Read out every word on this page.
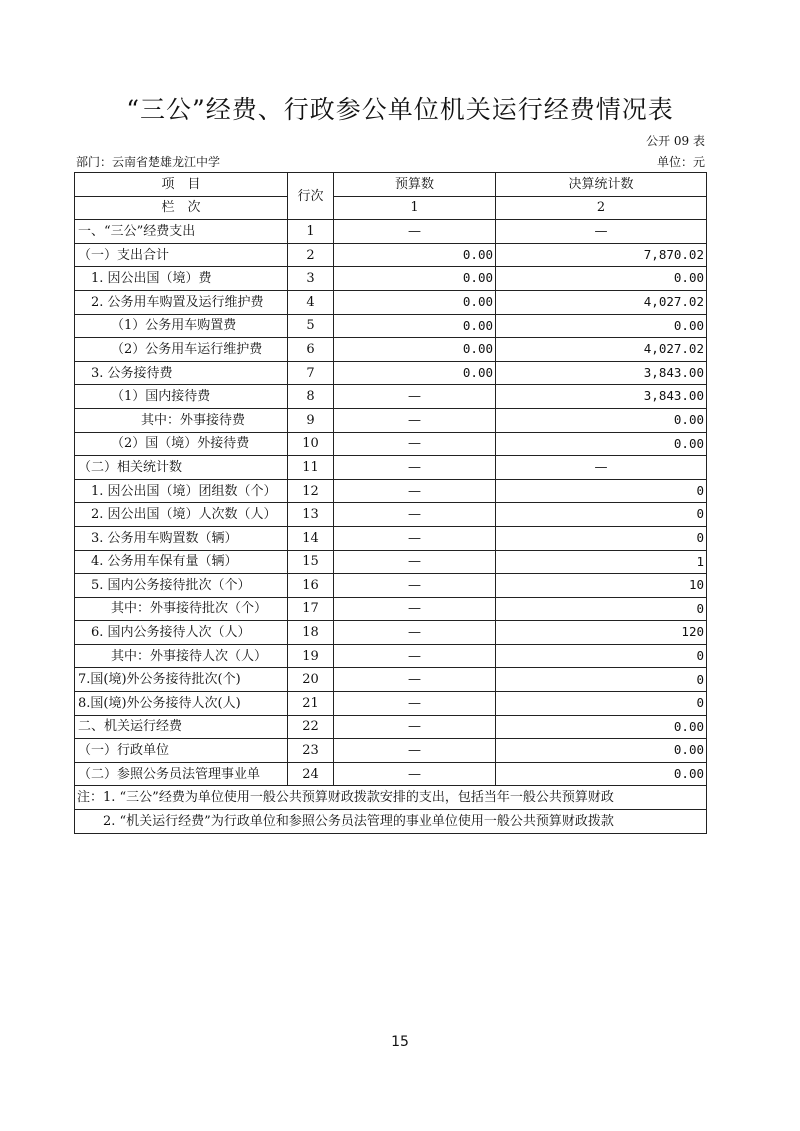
“三公”经费、行政参公单位机关运行经费情况表
公开 09 表
部门：云南省楚雄龙江中学	单位：元
项　目	行次	预算数	决算统计数
栏　次		1	2
一、“三公”经费支出	1	—	—
（一）支出合计	2	0.00	7,870.02
1. 因公出国（境）费	3	0.00	0.00
2. 公务用车购置及运行维护费	4	0.00	4,027.02
（1）公务用车购置费	5	0.00	0.00
（2）公务用车运行维护费	6	0.00	4,027.02
3. 公务接待费	7	0.00	3,843.00
（1）国内接待费	8	—	3,843.00
其中：外事接待费	9	—	0.00
（2）国（境）外接待费	10	—	0.00
（二）相关统计数	11	—	—
1. 因公出国（境）团组数（个）	12	—	0
2. 因公出国（境）人次数（人）	13	—	0
3. 公务用车购置数（辆）	14	—	0
4. 公务用车保有量（辆）	15	—	1
5. 国内公务接待批次（个）	16	—	10
其中：外事接待批次（个）	17	—	0
6. 国内公务接待人次（人）	18	—	120
其中：外事接待人次（人）	19	—	0
7.国(境)外公务接待批次(个)	20	—	0
8.国(境)外公务接待人次(人)	21	—	0
二、机关运行经费	22	—	0.00
（一）行政单位	23	—	0.00
（二）参照公务员法管理事业单	24	—	0.00
注：1. “三公”经费为单位使用一般公共预算财政拨款安排的支出，包括当年一般公共预算财政			
2. “机关运行经费”为行政单位和参照公务员法管理的事业单位使用一般公共预算财政拨款			
15
